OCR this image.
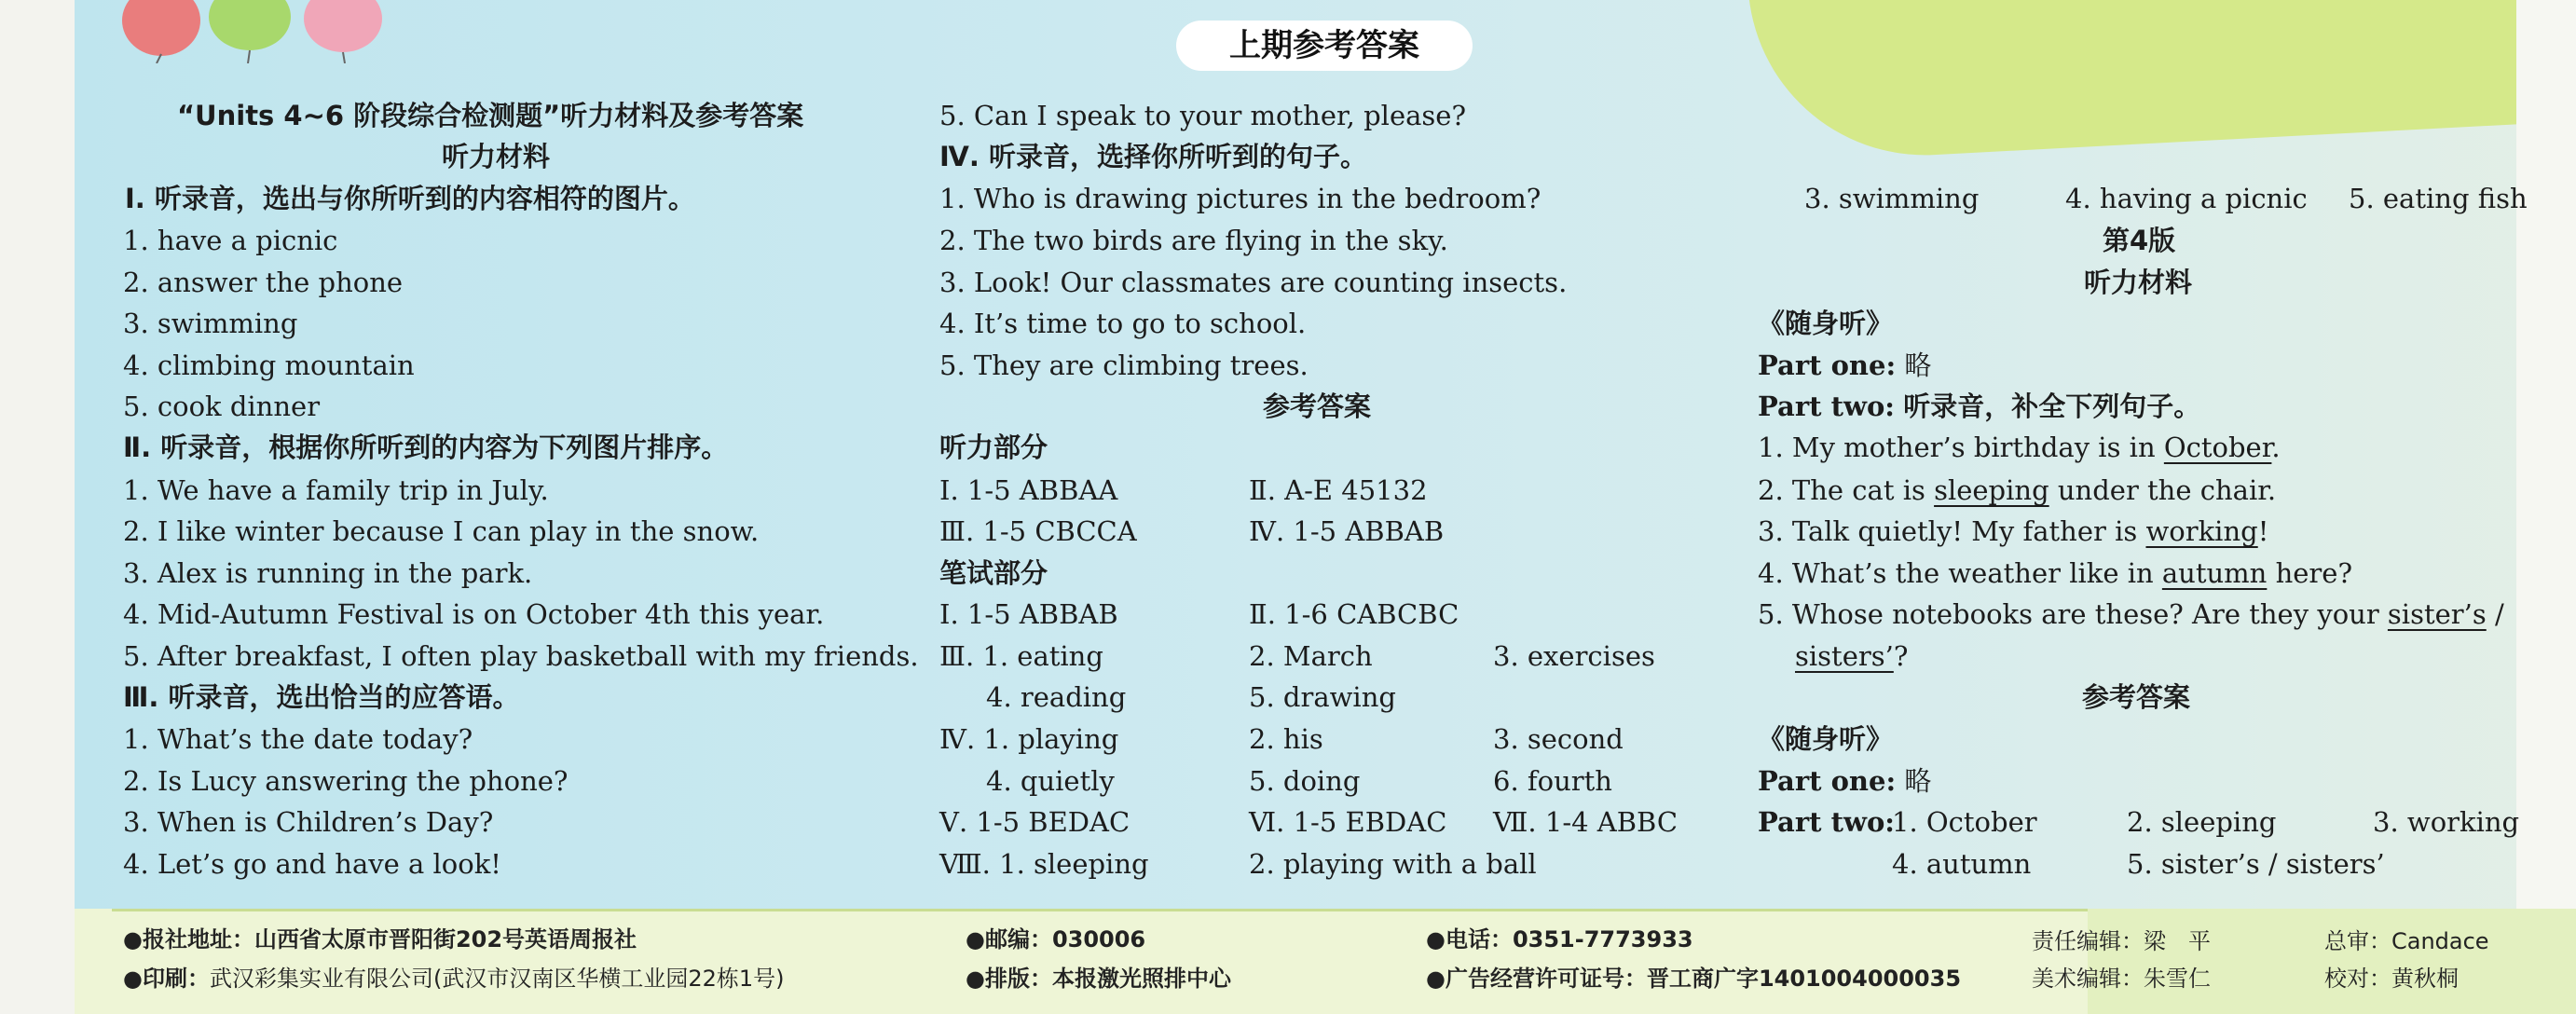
上期参考答案
“Units 4~6 阶段综合检测题”听力材料及参考答案
听力材料
Ⅰ. 听录音，选出与你所听到的内容相符的图片。
1. have a picnic
2. answer the phone
3. swimming
4. climbing mountain
5. cook dinner
Ⅱ. 听录音，根据你所听到的内容为下列图片排序。
1. We have a family trip in July.
2. I like winter because I can play in the snow.
3. Alex is running in the park.
4. Mid-Autumn Festival is on October 4th this year.
5. After breakfast, I often play basketball with my friends.
Ⅲ. 听录音，选出恰当的应答语。
1. What’s the date today?
2. Is Lucy answering the phone?
3. When is Children’s Day?
4. Let’s go and have a look!
5. Can I speak to your mother, please?
Ⅳ. 听录音，选择你所听到的句子。
1. Who is drawing pictures in the bedroom?
2. The two birds are flying in the sky.
3. Look! Our classmates are counting insects.
4. It’s time to go to school.
5. They are climbing trees.
参考答案
听力部分
Ⅰ. 1-5 ABBAA	Ⅱ. A-E 45132
Ⅲ. 1-5 CBCCA	Ⅳ. 1-5 ABBAB
笔试部分
Ⅰ. 1-5 ABBAB	Ⅱ. 1-6 CABCBC
Ⅲ. 1. eating	2. March	3. exercises
4. reading	5. drawing
Ⅳ. 1. playing	2. his	3. second
4. quietly	5. doing	6. fourth
Ⅴ. 1-5 BEDAC	Ⅵ. 1-5 EBDAC Ⅶ. 1-4 ABBC
Ⅷ. 1. sleeping	2. playing with a ball
3. swimming	4. having a picnic 5. eating fish
第4版
听力材料
《随身听》
Part one: 略
Part two: 听录音，补全下列句子。
1. My mother’s birthday is in October.
2. The cat is sleeping under the chair.
3. Talk quietly! My father is working!
4. What’s the weather like in autumn here?
5. Whose notebooks are these? Are they your sister’s /
sisters’?
参考答案
《随身听》
Part one: 略
Part two:
1. October	2. sleeping	3. working
4. autumn	5. sister’s / sisters’
●报社地址：山西省太原市晋阳街202号英语周报社
●印刷：武汉彩集实业有限公司(武汉市汉南区华横工业园22栋1号)
●邮编：030006
●排版：本报激光照排中心
●电话：0351-7773933
●广告经营许可证号：晋工商广字1401004000035
责任编辑：梁　平	总审：Candace
美术编辑：朱雪仁	校对：黄秋桐
